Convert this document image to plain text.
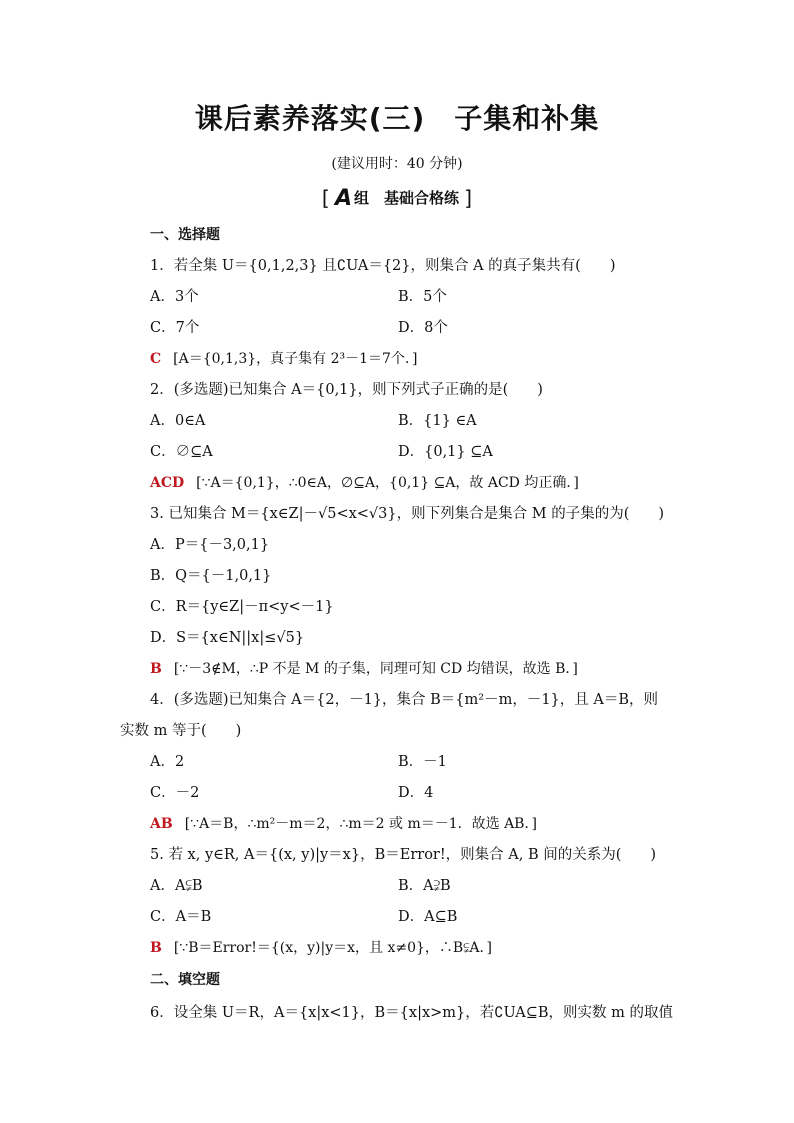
课后素养落实(三)　子集和补集
(建议用时：40 分钟)
[ A 组　基础合格练 ]
一、选择题
1．若全集 U＝{0,1,2,3} 且∁UA＝{2}，则集合 A 的真子集共有(　　)
A．3个	B．5个
C．7个	D．8个
C [A＝{0,1,3}，真子集有 2³－1＝7个．]
2．(多选题)已知集合 A＝{0,1}，则下列式子正确的是(　　)
A．0∈A	B．{1} ∈A
C．∅⊆A	D．{0,1} ⊆A
ACD [∵A＝{0,1}，∴0∈A，∅⊆A，{0,1} ⊆A，故 ACD 均正确．]
3. 已知集合 M＝{x∈Z|－√5<x<√3}，则下列集合是集合 M 的子集的为(　　)
A．P＝{－3,0,1}
B．Q＝{－1,0,1}
C．R＝{y∈Z|－π<y<－1}
D．S＝{x∈N||x|≤√5}
B [∵－3∉M，∴P 不是 M 的子集，同理可知 CD 均错误，故选 B．]
4．(多选题)已知集合 A＝{2，－1}，集合 B＝{m²－m，－1}，且 A＝B，则
实数 m 等于(　　)
A．2	B．－1
C．－2	D．4
AB [∵A＝B，∴m²－m＝2，∴m＝2 或 m＝－1．故选 AB．]
5. 若 x, y∈R, A＝{(x, y)|y＝x}，B＝Error!，则集合 A, B 间的关系为(　　)
A．A⫋B	B．A⫌B
C．A＝B	D．A⊆B
B [∵B＝Error!＝{(x，y)|y＝x，且 x≠0}，∴B⫋A．]
二、填空题
6．设全集 U＝R，A＝{x|x<1}，B＝{x|x>m}，若∁UA⊆B，则实数 m 的取值
